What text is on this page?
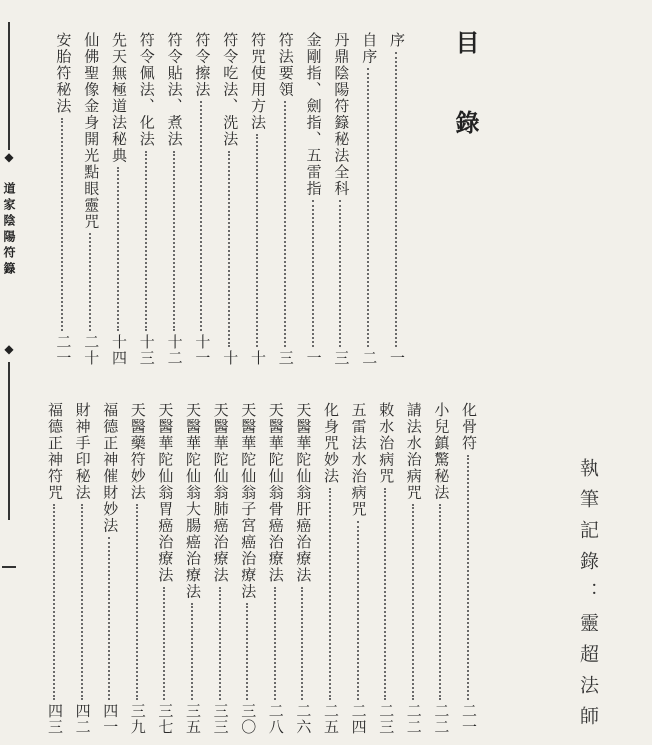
◆
道家陰陽符籙
◆
目錄
序
一
自序
二
丹鼎陰陽符籙秘法全科
三
金剛指、劍指、五雷指
一
符法要領
三
符咒使用方法
十
符令吃法、洗法
十
符令擦法
十一
符令貼法、煮法
十二
符令佩法、化法
十三
先天無極道法秘典
十四
仙佛聖像金身開光點眼靈咒
二十
安胎符秘法
二一
化骨符
二一
小兒鎮驚秘法
二二
請法水治病咒
二二
敕水治病咒
二三
五雷法水治病咒
二四
化身咒妙法
二五
天醫華陀仙翁肝癌治療法
二六
天醫華陀仙翁骨癌治療法
二八
天醫華陀仙翁子宮癌治療法
三〇
天醫華陀仙翁肺癌治療法
三三
天醫華陀仙翁大腸癌治療法
三五
天醫華陀仙翁胃癌治療法
三七
天醫藥符妙法
三九
福德正神催財妙法
四一
財神手印秘法
四二
福德正神符咒
四三	執筆記錄：靈超法師
